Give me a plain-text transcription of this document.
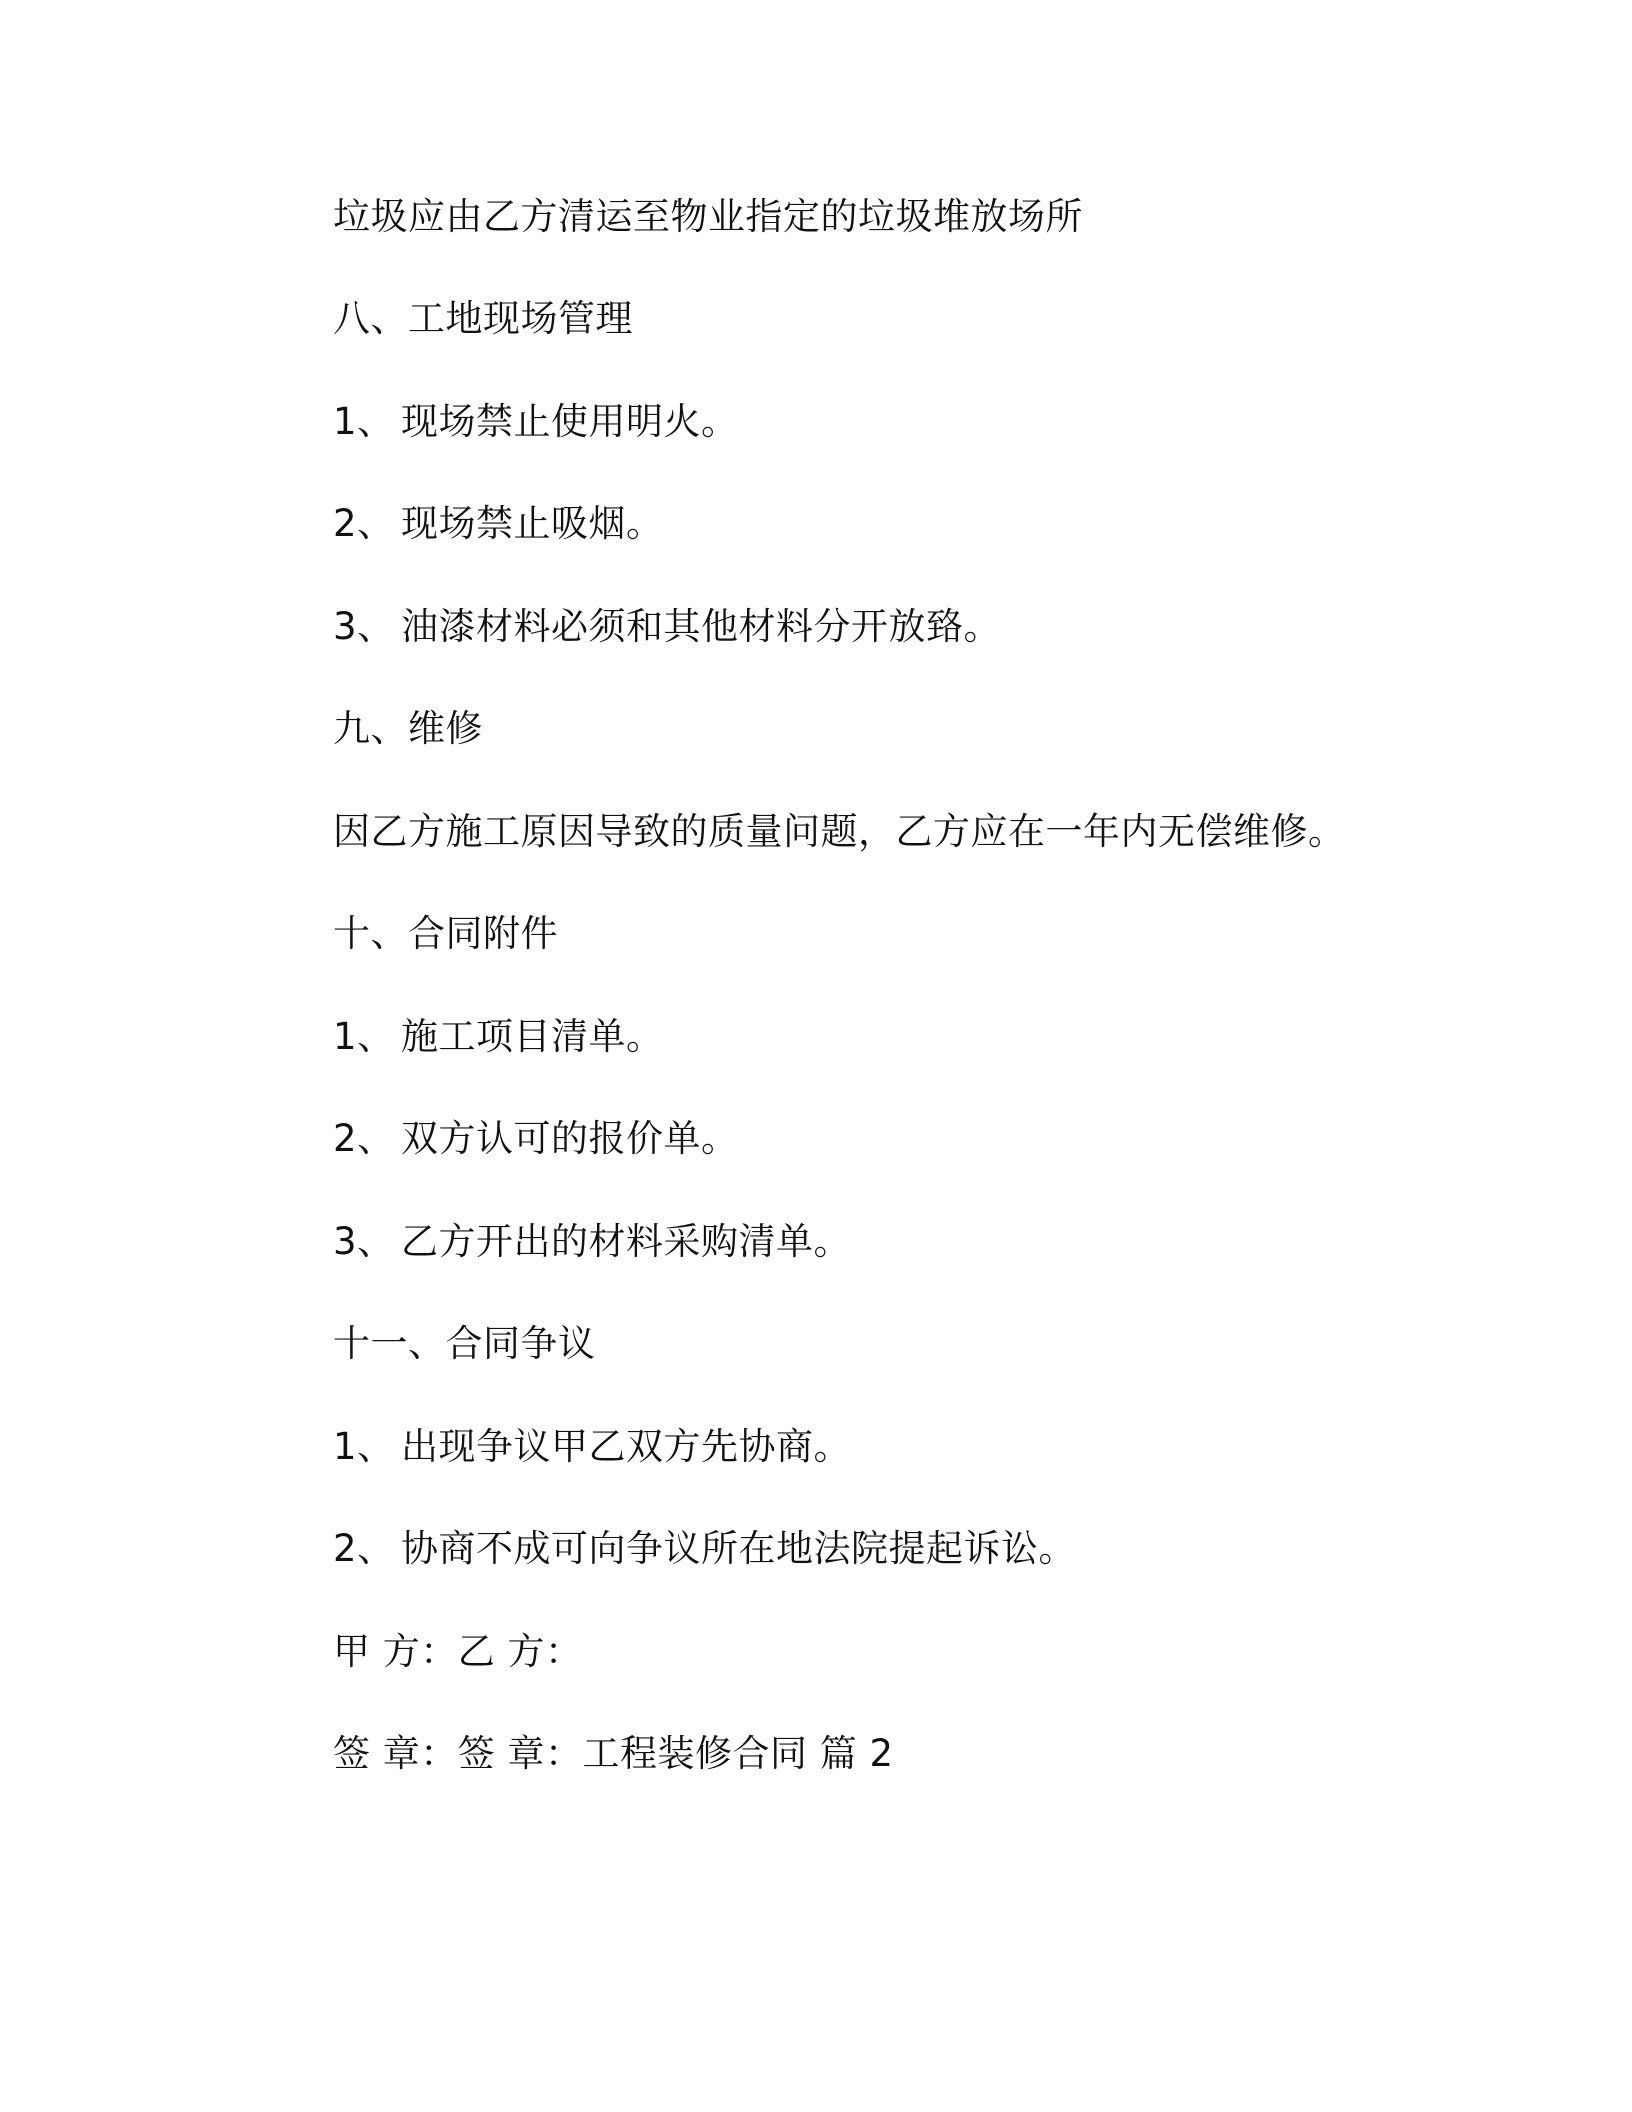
垃圾应由乙方清运至物业指定的垃圾堆放场所
八、工地现场管理
1、 现场禁止使用明火。
2、 现场禁止吸烟。
3、 油漆材料必须和其他材料分开放臵。
九、维修
因乙方施工原因导致的质量问题，乙方应在一年内无偿维修。
十、合同附件
1、 施工项目清单。
2、 双方认可的报价单。
3、 乙方开出的材料采购清单。
十一、合同争议
1、 出现争议甲乙双方先协商。
2、 协商不成可向争议所在地法院提起诉讼。
甲 方：乙 方：
签 章：签 章：工程装修合同 篇 2
